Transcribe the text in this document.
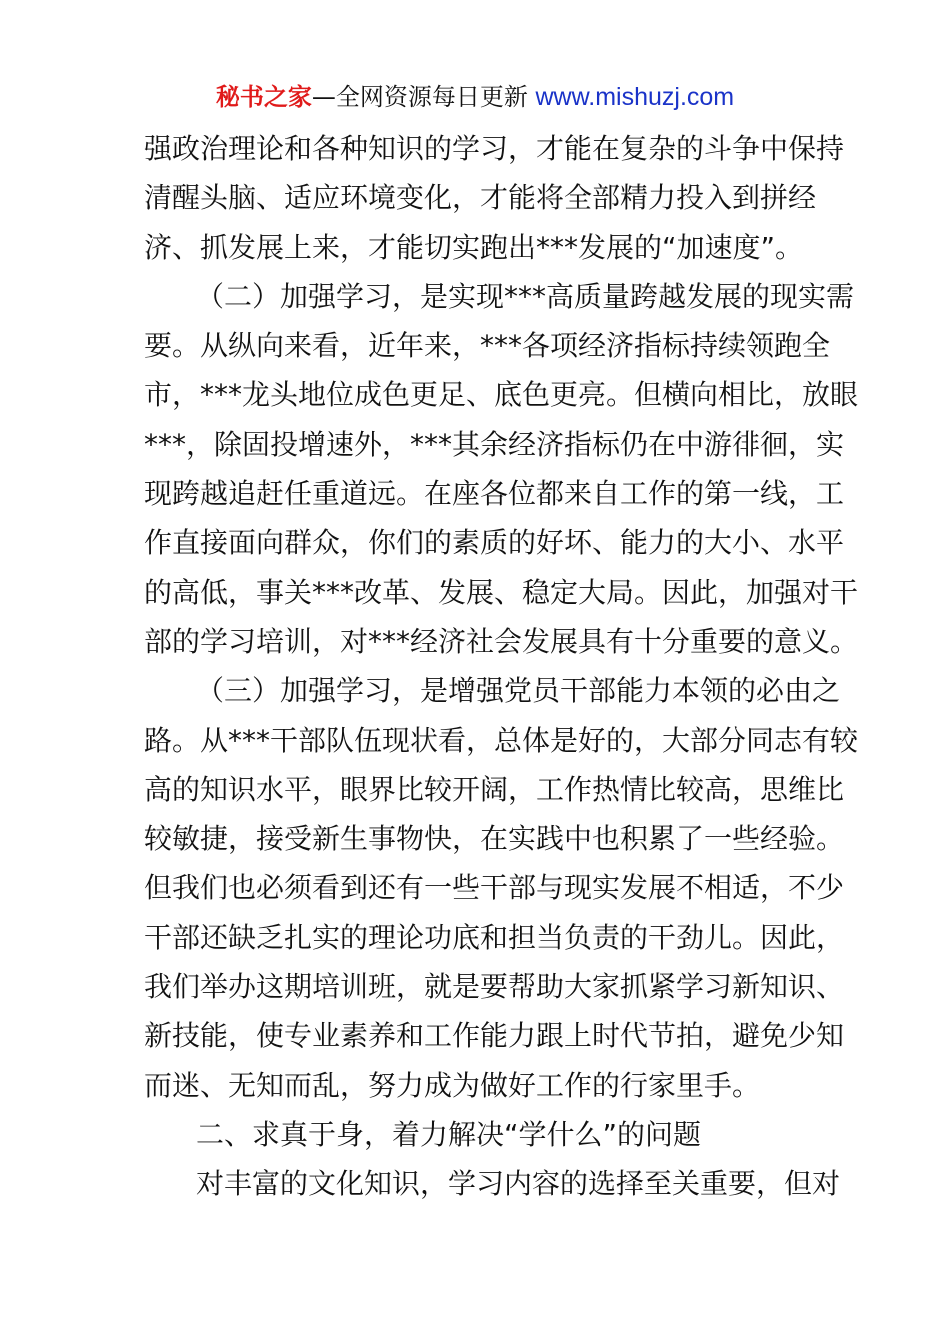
秘书之家—全网资源每日更新 www.mishuzj.com
强政治理论和各种知识的学习，才能在复杂的斗争中保持
清醒头脑、适应环境变化，才能将全部精力投入到拼经
济、抓发展上来，才能切实跑出***发展的“加速度”。
（二）加强学习，是实现***高质量跨越发展的现实需
要。从纵向来看，近年来，***各项经济指标持续领跑全
市，***龙头地位成色更足、底色更亮。但横向相比，放眼
***，除固投增速外，***其余经济指标仍在中游徘徊，实
现跨越追赶任重道远。在座各位都来自工作的第一线，工
作直接面向群众，你们的素质的好坏、能力的大小、水平
的高低，事关***改革、发展、稳定大局。因此，加强对干
部的学习培训，对***经济社会发展具有十分重要的意义。
（三）加强学习，是增强党员干部能力本领的必由之
路。从***干部队伍现状看，总体是好的，大部分同志有较
高的知识水平，眼界比较开阔，工作热情比较高，思维比
较敏捷，接受新生事物快，在实践中也积累了一些经验。
但我们也必须看到还有一些干部与现实发展不相适，不少
干部还缺乏扎实的理论功底和担当负责的干劲儿。因此，
我们举办这期培训班，就是要帮助大家抓紧学习新知识、
新技能，使专业素养和工作能力跟上时代节拍，避免少知
而迷、无知而乱，努力成为做好工作的行家里手。
二、求真于身，着力解决“学什么”的问题
对丰富的文化知识，学习内容的选择至关重要，但对
